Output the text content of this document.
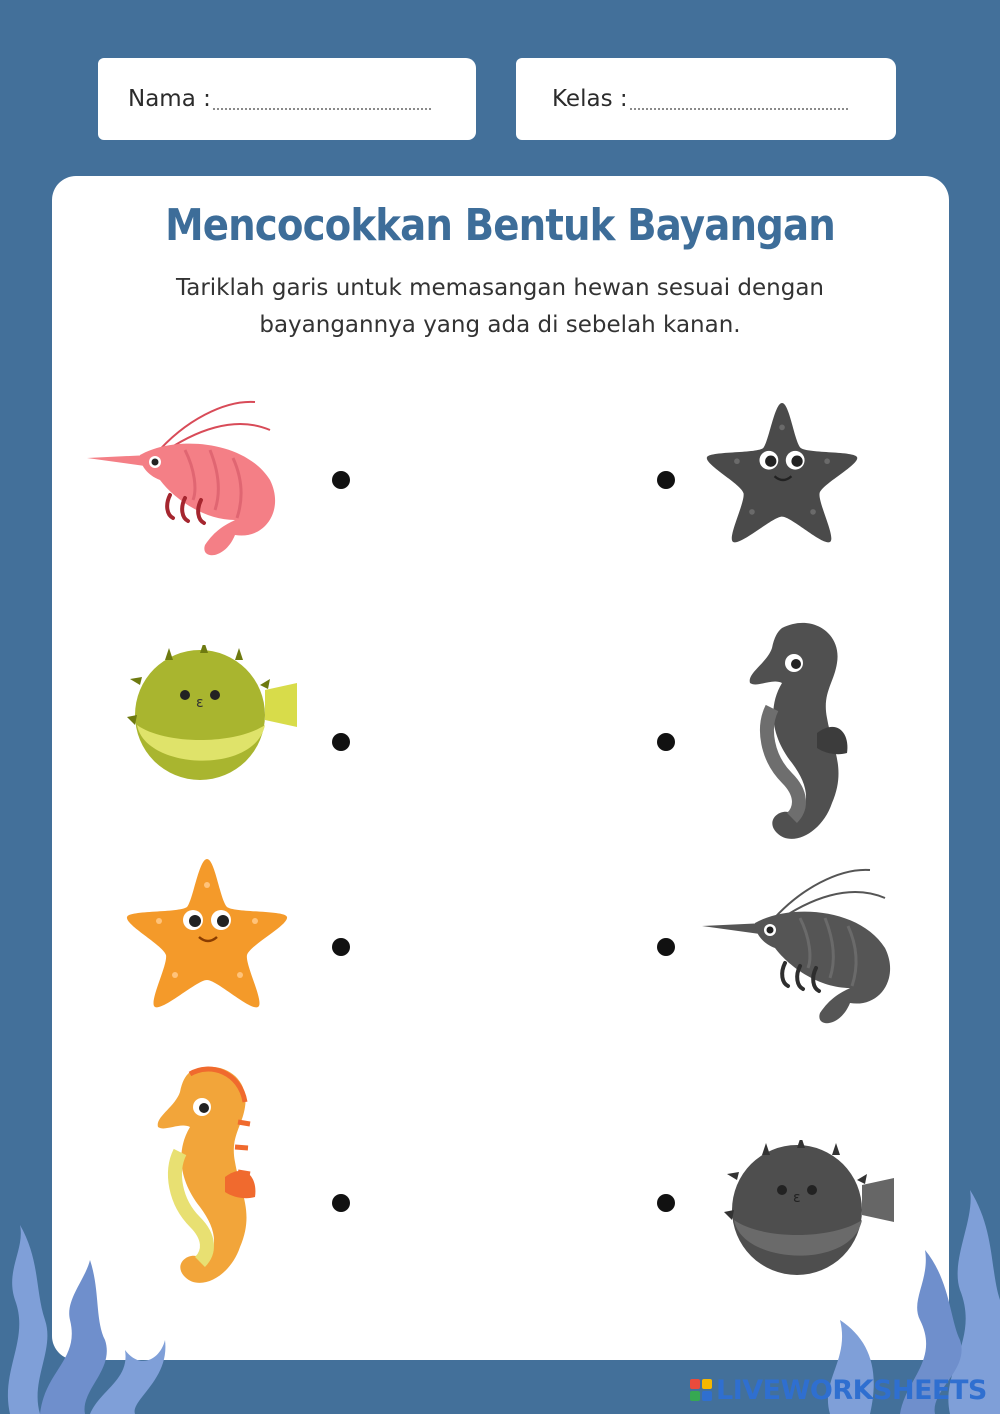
Nama :	Kelas :
Mencocokkan Bentuk Bayangan
Tariklah garis untuk memasangan hewan sesuai dengan
bayangannya yang ada di sebelah kanan.
ɛ
ɛ
LIVEWORKSHEETS
